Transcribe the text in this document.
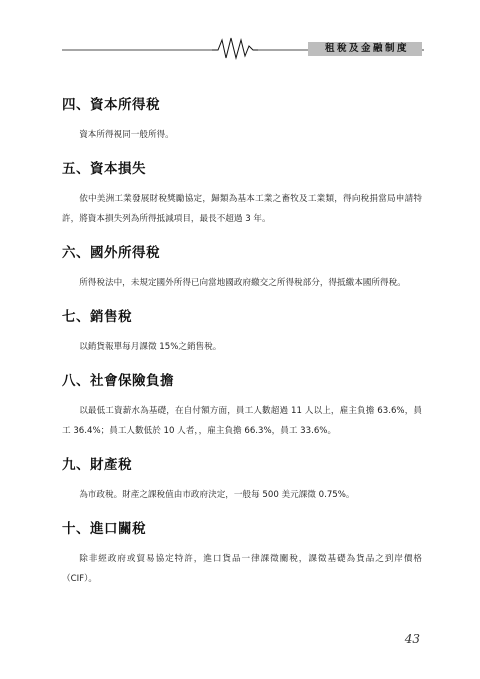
租稅及金融制度
四、資本所得稅

資本所得視同一般所得。

五、資本損失

依中美洲工業發展財稅獎勵協定，歸類為基本工業之畜牧及工業類，得向稅捐當局申請特許，將資本損失列為所得抵減項目，最長不超過 3 年。

六、國外所得稅

所得稅法中，未規定國外所得已向當地國政府繳交之所得稅部分，得抵繳本國所得稅。

七、銷售稅

以銷貨報單每月課徵 15%之銷售稅。

八、社會保險負擔

以最低工資薪水為基礎，在自付額方面，員工人數超過 11 人以上，雇主負擔 63.6%，員工 36.4%；員工人數低於 10 人者，，雇主負擔 66.3%，員工 33.6%。

九、財產稅

為市政稅。財產之課稅值由市政府決定，一般每 500 美元課徵 0.75%。

十、進口關稅

除非經政府或貿易協定特許，進口貨品一律課徵關稅，課徵基礎為貨品之到岸價格（CIF）。

43
